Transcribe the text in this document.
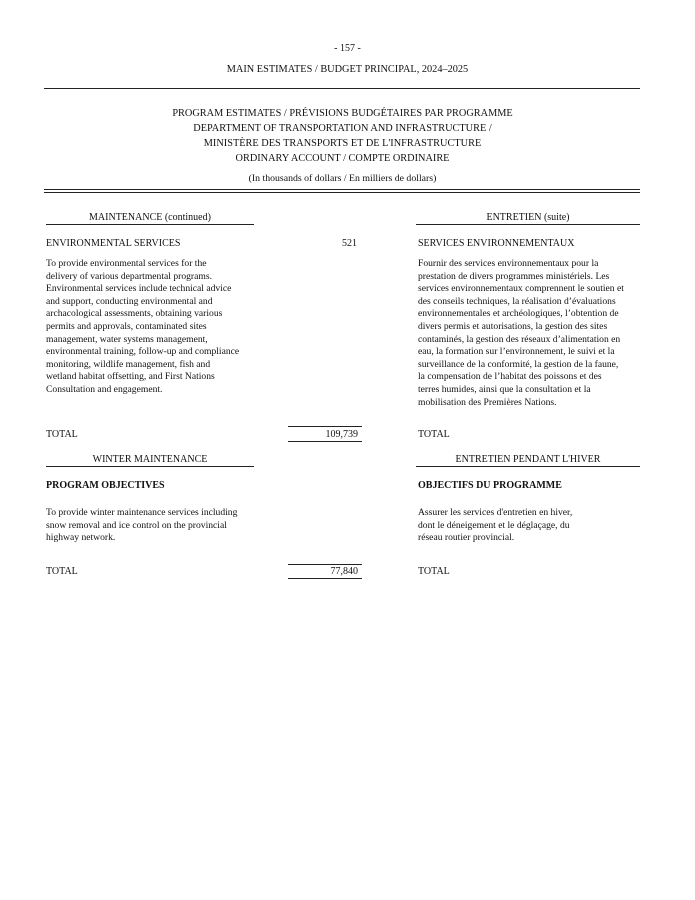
- 157 -
MAIN ESTIMATES / BUDGET PRINCIPAL, 2024–2025
PROGRAM ESTIMATES / PRÉVISIONS BUDGÉTAIRES PAR PROGRAMME
DEPARTMENT OF TRANSPORTATION AND INFRASTRUCTURE /
MINISTÈRE DES TRANSPORTS ET DE L'INFRASTRUCTURE
ORDINARY ACCOUNT / COMPTE ORDINAIRE
(In thousands of dollars / En milliers de dollars)
MAINTENANCE (continued)	ENTRETIEN (suite)
ENVIRONMENTAL SERVICES	521	SERVICES ENVIRONNEMENTAUX
To provide environmental services for the
delivery of various departmental programs.
Environmental services include technical advice
and support, conducting environmental and
archacological assessments, obtaining various
permits and approvals, contaminated sites
management, water systems management,
environmental training, follow-up and compliance
monitoring, wildlife management, fish and
wetland habitat offsetting, and First Nations
Consultation and engagement.
Fournir des services environnementaux pour la
prestation de divers programmes ministériels. Les
services environnementaux comprennent le soutien et
des conseils techniques, la réalisation d’évaluations
environnementales et archéologiques, l’obtention de
divers permis et autorisations, la gestion des sites
contaminés, la gestion des réseaux d’alimentation en
eau, la formation sur l’environnement, le suivi et la
surveillance de la conformité, la gestion de la faune,
la compensation de l’habitat des poissons et des
terres humides, ainsi que la consultation et la
mobilisation des Premières Nations.
TOTAL	109,739	TOTAL
WINTER MAINTENANCE	ENTRETIEN PENDANT L'HIVER
PROGRAM OBJECTIVES	OBJECTIFS DU PROGRAMME
To provide winter maintenance services including
snow removal and ice control on the provincial
highway network.
Assurer les services d'entretien en hiver,
dont le déneigement et le déglaçage, du
réseau routier provincial.
TOTAL	77,840	TOTAL
